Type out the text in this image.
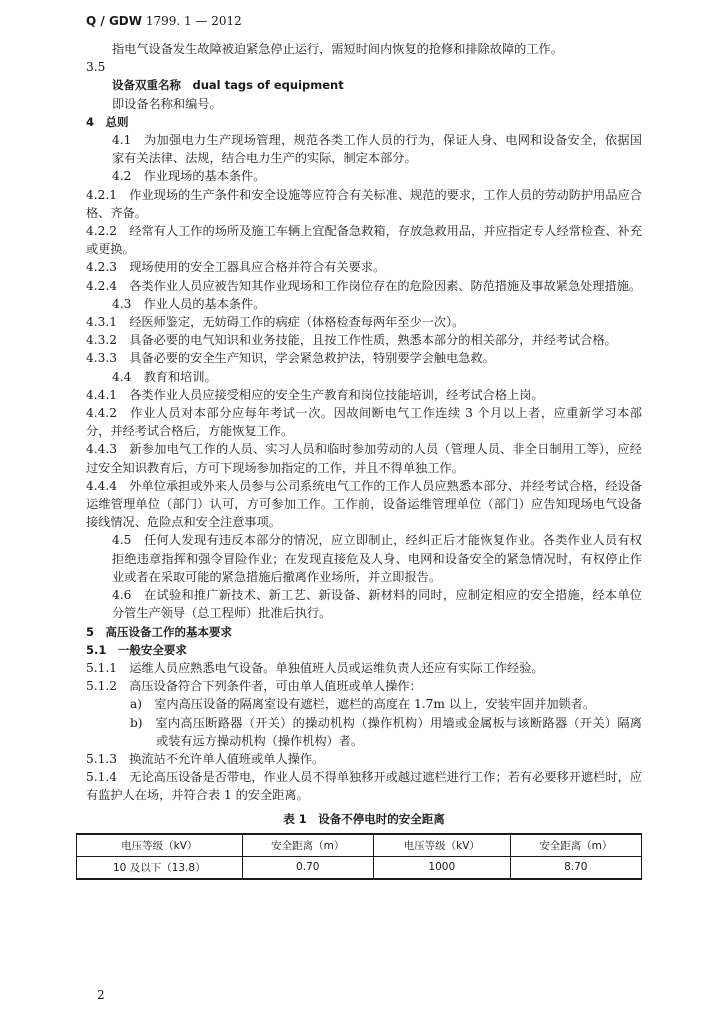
Q / GDW 1799. 1 — 2012

指电气设备发生故障被迫紧急停止运行，需短时间内恢复的抢修和排除故障的工作。

3.5

设备双重名称　dual tags of equipment

即设备名称和编号。

4　总则

4.1　为加强电力生产现场管理，规范各类工作人员的行为，保证人身、电网和设备安全，依据国家有关法律、法规，结合电力生产的实际，制定本部分。

4.2　作业现场的基本条件。

4.2.1　作业现场的生产条件和安全设施等应符合有关标准、规范的要求，工作人员的劳动防护用品应合格、齐备。

4.2.2　经常有人工作的场所及施工车辆上宜配备急救箱，存放急救用品，并应指定专人经常检查、补充或更换。

4.2.3　现场使用的安全工器具应合格并符合有关要求。

4.2.4　各类作业人员应被告知其作业现场和工作岗位存在的危险因素、防范措施及事故紧急处理措施。

4.3　作业人员的基本条件。

4.3.1　经医师鉴定，无妨碍工作的病症（体格检查每两年至少一次）。

4.3.2　具备必要的电气知识和业务技能，且按工作性质，熟悉本部分的相关部分，并经考试合格。

4.3.3　具备必要的安全生产知识，学会紧急救护法，特别要学会触电急救。

4.4　教育和培训。

4.4.1　各类作业人员应接受相应的安全生产教育和岗位技能培训，经考试合格上岗。

4.4.2　作业人员对本部分应每年考试一次。因故间断电气工作连续 3 个月以上者，应重新学习本部分，并经考试合格后，方能恢复工作。

4.4.3　新参加电气工作的人员、实习人员和临时参加劳动的人员（管理人员、非全日制用工等），应经过安全知识教育后，方可下现场参加指定的工作，并且不得单独工作。

4.4.4　外单位承担或外来人员参与公司系统电气工作的工作人员应熟悉本部分、并经考试合格，经设备运维管理单位（部门）认可，方可参加工作。工作前，设备运维管理单位（部门）应告知现场电气设备接线情况、危险点和安全注意事项。

4.5　任何人发现有违反本部分的情况，应立即制止，经纠正后才能恢复作业。各类作业人员有权拒绝违章指挥和强令冒险作业；在发现直接危及人身、电网和设备安全的紧急情况时，有权停止作业或者在采取可能的紧急措施后撤离作业场所，并立即报告。

4.6　在试验和推广新技术、新工艺、新设备、新材料的同时，应制定相应的安全措施，经本单位分管生产领导（总工程师）批准后执行。

5　高压设备工作的基本要求

5.1　一般安全要求

5.1.1　运维人员应熟悉电气设备。单独值班人员或运维负责人还应有实际工作经验。

5.1.2　高压设备符合下列条件者，可由单人值班或单人操作：

a)　室内高压设备的隔离室设有遮栏，遮栏的高度在 1.7m 以上，安装牢固并加锁者。

b)　室内高压断路器（开关）的操动机构（操作机构）用墙或金属板与该断路器（开关）隔离或装有远方操动机构（操作机构）者。

5.1.3　换流站不允许单人值班或单人操作。

5.1.4　无论高压设备是否带电，作业人员不得单独移开或越过遮栏进行工作；若有必要移开遮栏时，应有监护人在场，并符合表 1 的安全距离。

表 1　设备不停电时的安全距离
电压等级（kV）	安全距离（m）	电压等级（kV）	安全距离（m）
10 及以下（13.8）	0.70	1000	8.70
2
